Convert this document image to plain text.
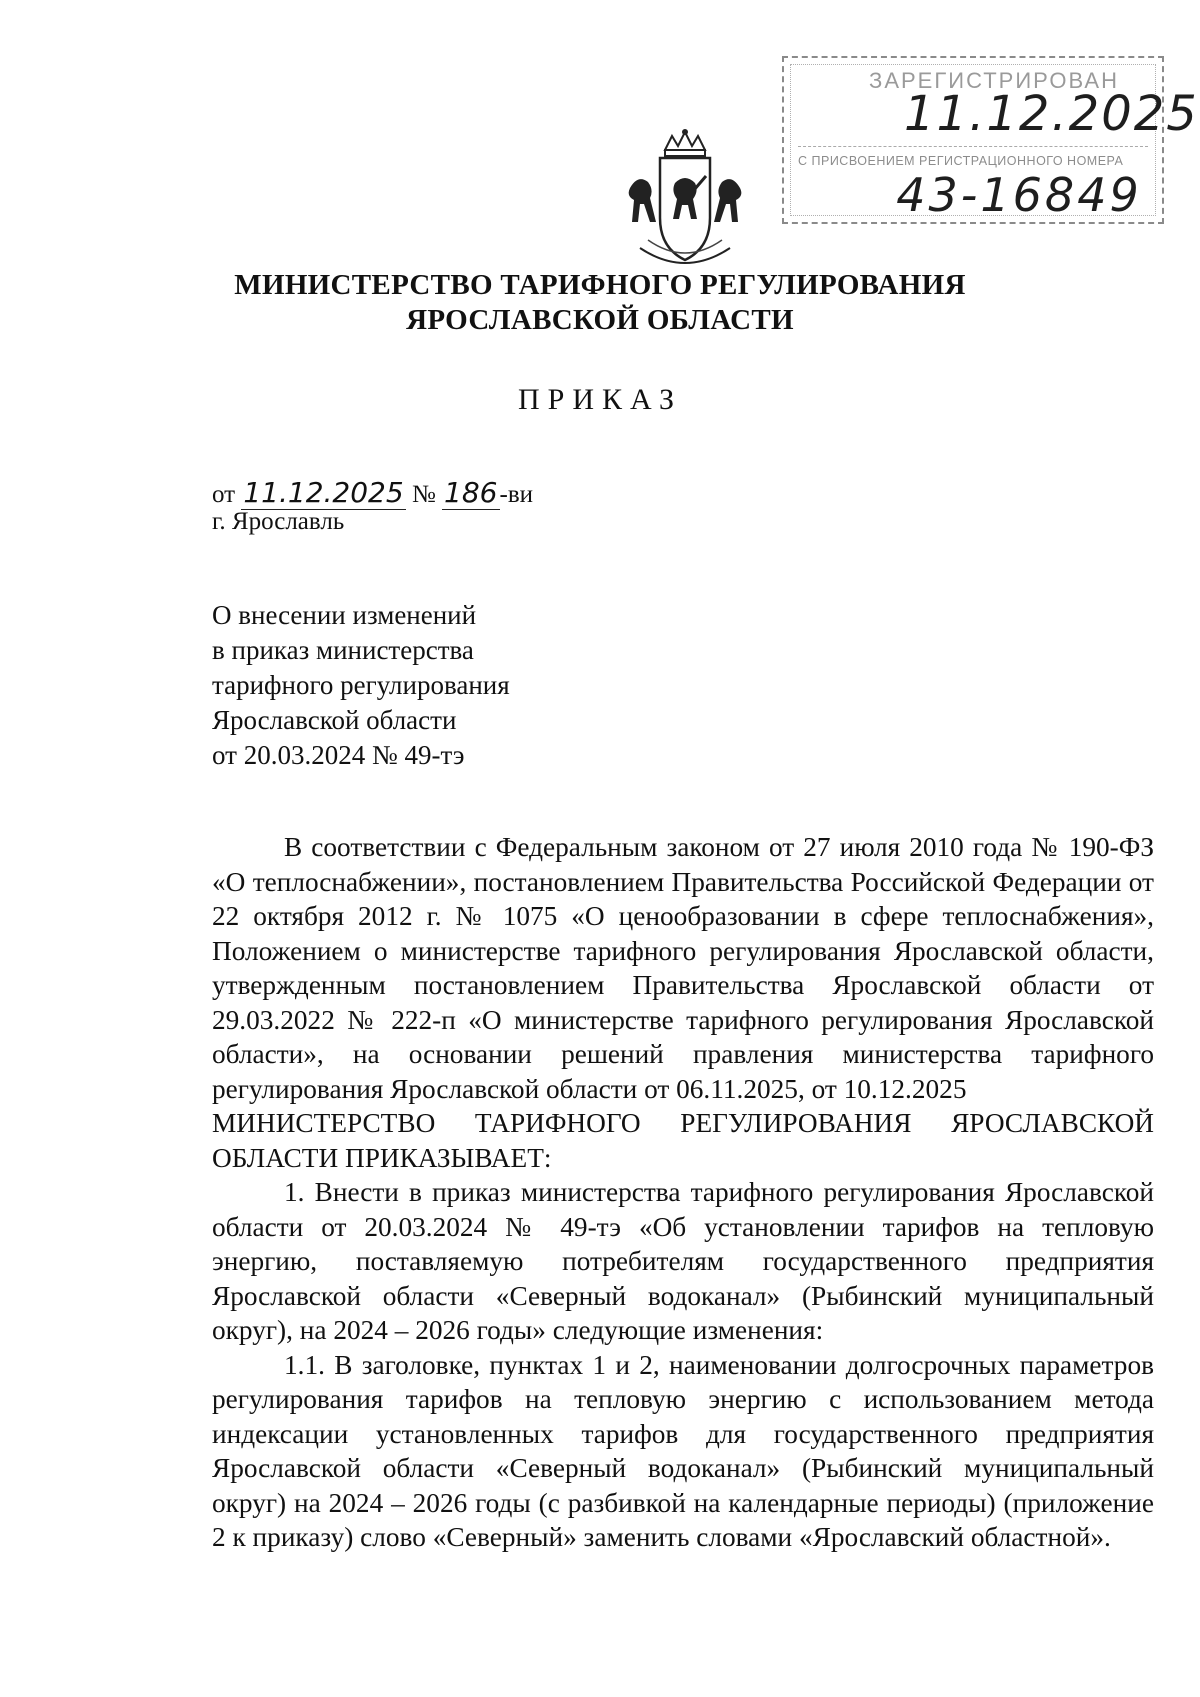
ЗАРЕГИСТРИРОВАН
11.12.2025
С ПРИСВОЕНИЕМ РЕГИСТРАЦИОННОГО НОМЕРА
43-16849
МИНИСТЕРСТВО ТАРИФНОГО РЕГУЛИРОВАНИЯ
ЯРОСЛАВСКОЙ ОБЛАСТИ
ПРИКАЗ
от 11.12.2025 № 186-ви
г. Ярославль
О внесении изменений
в приказ министерства
тарифного регулирования
Ярославской области
от 20.03.2024 № 49-тэ

В соответствии с Федеральным законом от 27 июля 2010 года № 190-ФЗ «О теплоснабжении», постановлением Правительства Российской Федерации от 22 октября 2012 г. № 1075 «О ценообразовании в сфере теплоснабжения», Положением о министерстве тарифного регулирования Ярославской области, утвержденным постановлением Правительства Ярославской области от 29.03.2022 № 222-п «О министерстве тарифного регулирования Ярославской области», на основании решений правления министерства тарифного регулирования Ярославской области от 06.11.2025, от 10.12.2025

МИНИСТЕРСТВО ТАРИФНОГО РЕГУЛИРОВАНИЯ ЯРОСЛАВСКОЙ ОБЛАСТИ ПРИКАЗЫВАЕТ:

1. Внести в приказ министерства тарифного регулирования Ярославской области от 20.03.2024 № 49-тэ «Об установлении тарифов на тепловую энергию, поставляемую потребителям государственного предприятия Ярославской области «Северный водоканал» (Рыбинский муниципальный округ), на 2024 – 2026 годы» следующие изменения:

1.1. В заголовке, пунктах 1 и 2, наименовании долгосрочных параметров регулирования тарифов на тепловую энергию с использованием метода индексации установленных тарифов для государственного предприятия Ярославской области «Северный водоканал» (Рыбинский муниципальный округ) на 2024 – 2026 годы (с разбивкой на календарные периоды) (приложение 2 к приказу) слово «Северный» заменить словами «Ярославский областной».
